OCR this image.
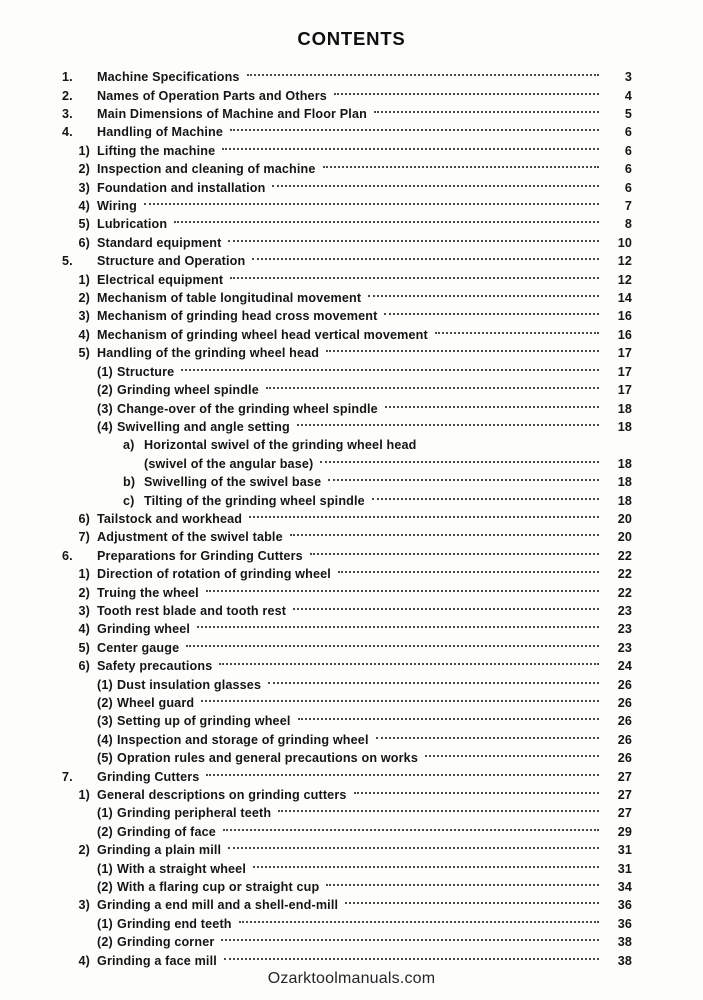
CONTENTS
1.	Machine Specifications	3
2.	Names of Operation Parts and Others	4
3.	Main Dimensions of Machine and Floor Plan	5
4.	Handling of Machine	6
1) Lifting the machine	6
2) Inspection and cleaning of machine	6
3) Foundation and installation	6
4) Wiring	7
5) Lubrication	8
6) Standard equipment	10
5.	Structure and Operation	12
1) Electrical equipment	12
2) Mechanism of table longitudinal movement	14
3) Mechanism of grinding head cross movement	16
4) Mechanism of grinding wheel head vertical movement	16
5) Handling of the grinding wheel head	17
(1) Structure	17
(2) Grinding wheel spindle	17
(3) Change-over of the grinding wheel spindle	18
(4) Swivelling and angle setting	18
a) Horizontal swivel of the grinding wheel head
(swivel of the angular base)	18
b) Swivelling of the swivel base	18
c) Tilting of the grinding wheel spindle	18
6) Tailstock and workhead	20
7) Adjustment of the swivel table	20
6.	Preparations for Grinding Cutters	22
1) Direction of rotation of grinding wheel	22
2) Truing the wheel	22
3) Tooth rest blade and tooth rest	23
4) Grinding wheel	23
5) Center gauge	23
6) Safety precautions	24
(1) Dust insulation glasses	26
(2) Wheel guard	26
(3) Setting up of grinding wheel	26
(4) Inspection and storage of grinding wheel	26
(5) Opration rules and general precautions on works	26
7.	Grinding Cutters	27
1) General descriptions on grinding cutters	27
(1) Grinding peripheral teeth	27
(2) Grinding of face	29
2) Grinding a plain mill	31
(1) With a straight wheel	31
(2) With a flaring cup or straight cup	34
3) Grinding a end mill and a shell-end-mill	36
(1) Grinding end teeth	36
(2) Grinding corner	38
4) Grinding a face mill	38
Ozarktoolmanuals.com
